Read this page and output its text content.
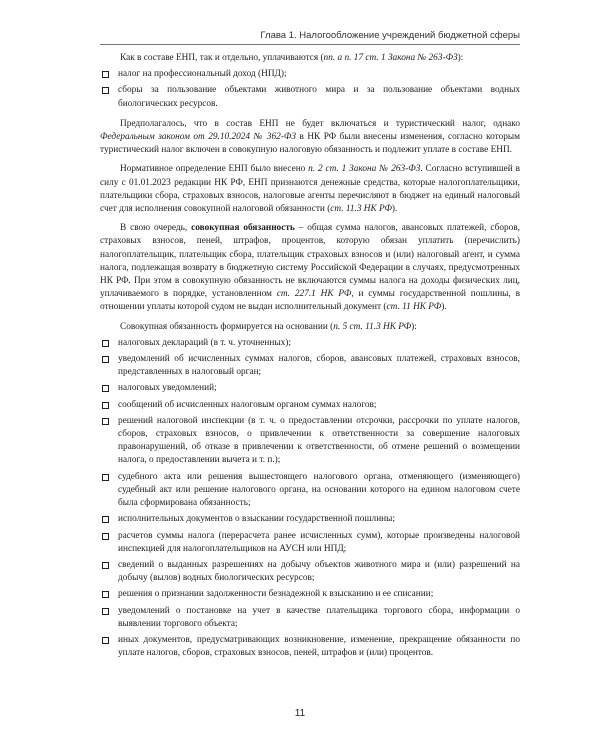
Глава 1. Налогообложение учреждений бюджетной сферы

Как в составе ЕНП, так и отдельно, уплачиваются (пп. а п. 17 ст. 1 Закона № 263-ФЗ):

налог на профессиональный доход (НПД);
сборы за пользование объектами животного мира и за пользование объектами водных биологических ресурсов.

Предполагалось, что в состав ЕНП не будет включаться и туристический налог, однако Федеральным законом от 29.10.2024 № 362-ФЗ в НК РФ были внесены изменения, согласно которым туристический налог включен в совокупную налоговую обязанность и подлежит уплате в составе ЕНП.

Нормативное определение ЕНП было внесено п. 2 ст. 1 Закона № 263-ФЗ. Согласно вступившей в силу с 01.01.2023 редакции НК РФ, ЕНП признаются денежные средства, которые налогоплательщики, плательщики сбора, страховых взносов, налоговые агенты перечисляют в бюджет на единый налоговый счет для исполнения совокупной налоговой обязанности (ст. 11.3 НК РФ).

В свою очередь, совокупная обязанность – общая сумма налогов, авансовых платежей, сборов, страховых взносов, пеней, штрафов, процентов, которую обязан уплатить (перечислить) налогоплательщик, плательщик сбора, плательщик страховых взносов и (или) налоговый агент, и сумма налога, подлежащая возврату в бюджетную систему Российской Федерации в случаях, предусмотренных НК РФ. При этом в совокупную обязанность не включаются суммы налога на доходы физических лиц, уплачиваемого в порядке, установленном ст. 227.1 НК РФ, и суммы государственной пошлины, в отношении уплаты которой судом не выдан исполнительный документ (ст. 11 НК РФ).

Совокупная обязанность формируется на основании (п. 5 ст. 11.3 НК РФ):

налоговых деклараций (в т. ч. уточненных);
уведомлений об исчисленных суммах налогов, сборов, авансовых платежей, страховых взносов, представленных в налоговый орган;
налоговых уведомлений;
сообщений об исчисленных налоговым органом суммах налогов;
решений налоговой инспекции (в т. ч. о предоставлении отсрочки, рассрочки по уплате налогов, сборов, страховых взносов, о привлечении к ответственности за совершение налоговых правонарушений, об отказе в привлечении к ответственности, об отмене решений о возмещении налога, о предоставлении вычета и т. п.);
судебного акта или решения вышестоящего налогового органа, отменяющего (изменяющего) судебный акт или решение налогового органа, на основании которого на едином налоговом счете была сформирована обязанность;
исполнительных документов о взыскании государственной пошлины;
расчетов суммы налога (перерасчета ранее исчисленных сумм), которые произведены налоговой инспекцией для налогоплательщиков на АУСН или НПД;
сведений о выданных разрешениях на добычу объектов животного мира и (или) разрешений на добычу (вылов) водных биологических ресурсов;
решения о признании задолженности безнадежной к взысканию и ее списании;
уведомлений о постановке на учет в качестве плательщика торгового сбора, информации о выявлении торгового объекта;
иных документов, предусматривающих возникновение, изменение, прекращение обязанности по уплате налогов, сборов, страховых взносов, пеней, штрафов и (или) процентов.
11
